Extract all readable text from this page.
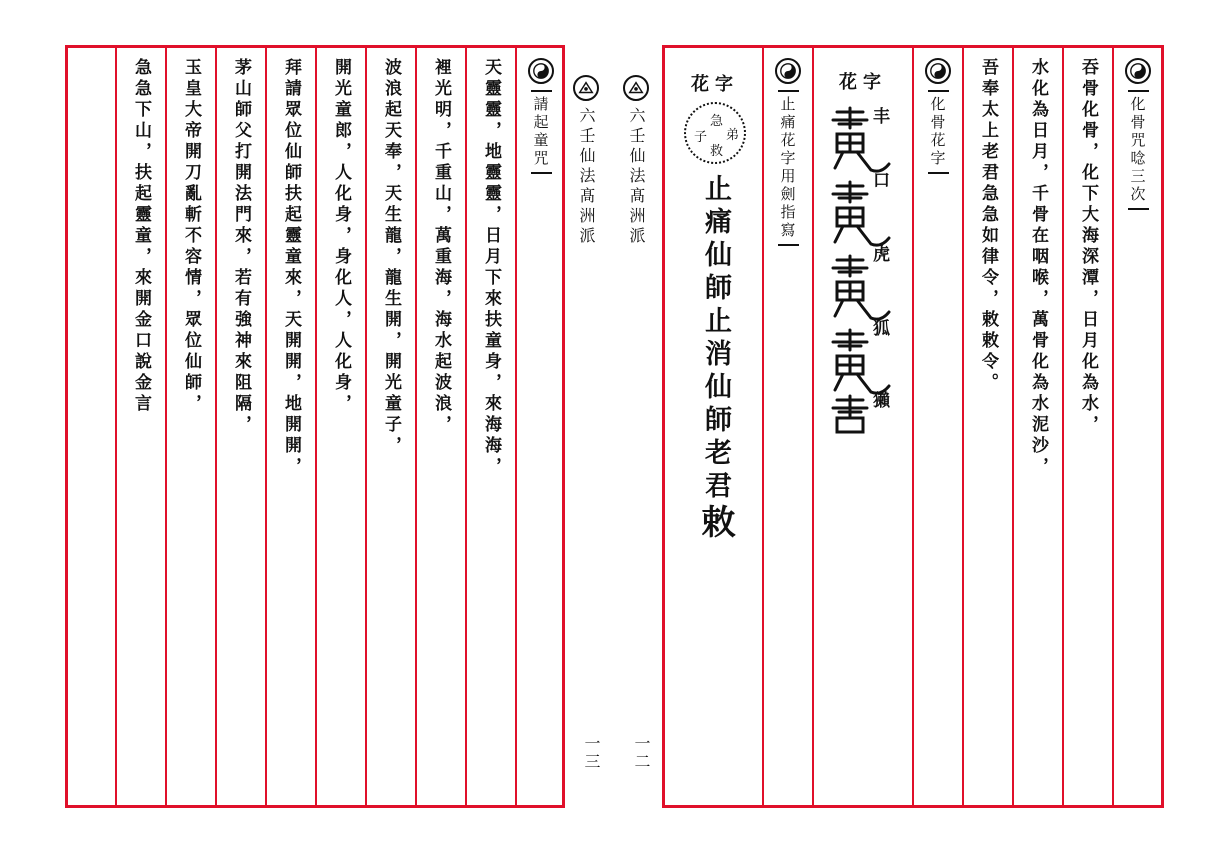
急急下山，扶起靈童，來開金口說金言 玉皇大帝開刀亂斬不容情，眾位仙師， 茅山師父打開法門來，若有強神來阻隔， 拜請眾位仙師扶起靈童來，天開開，地開開， 開光童郎，人化身，身化人，人化身， 波浪起天奉，天生龍，龍生開，開光童子， 裡光明，千重山，萬重海，海水起波浪， 天靈靈，地靈靈，日月下來扶童身，來海海， 請起童咒 六壬仙法髙洲派 六壬仙法髙洲派
一三 一二
花字
急
子 弟
救
止痛仙師止消仙師老君
敕
止痛花字用劍指寫
花字
丰
口
虎
狐
獺
化骨花字 吾奉太上老君急急如律令，敕敕令。 水化為日月，千骨在咽喉，萬骨化為水泥沙， 吞骨化骨，化下大海深潭，日月化為水， 化骨咒唸三次
